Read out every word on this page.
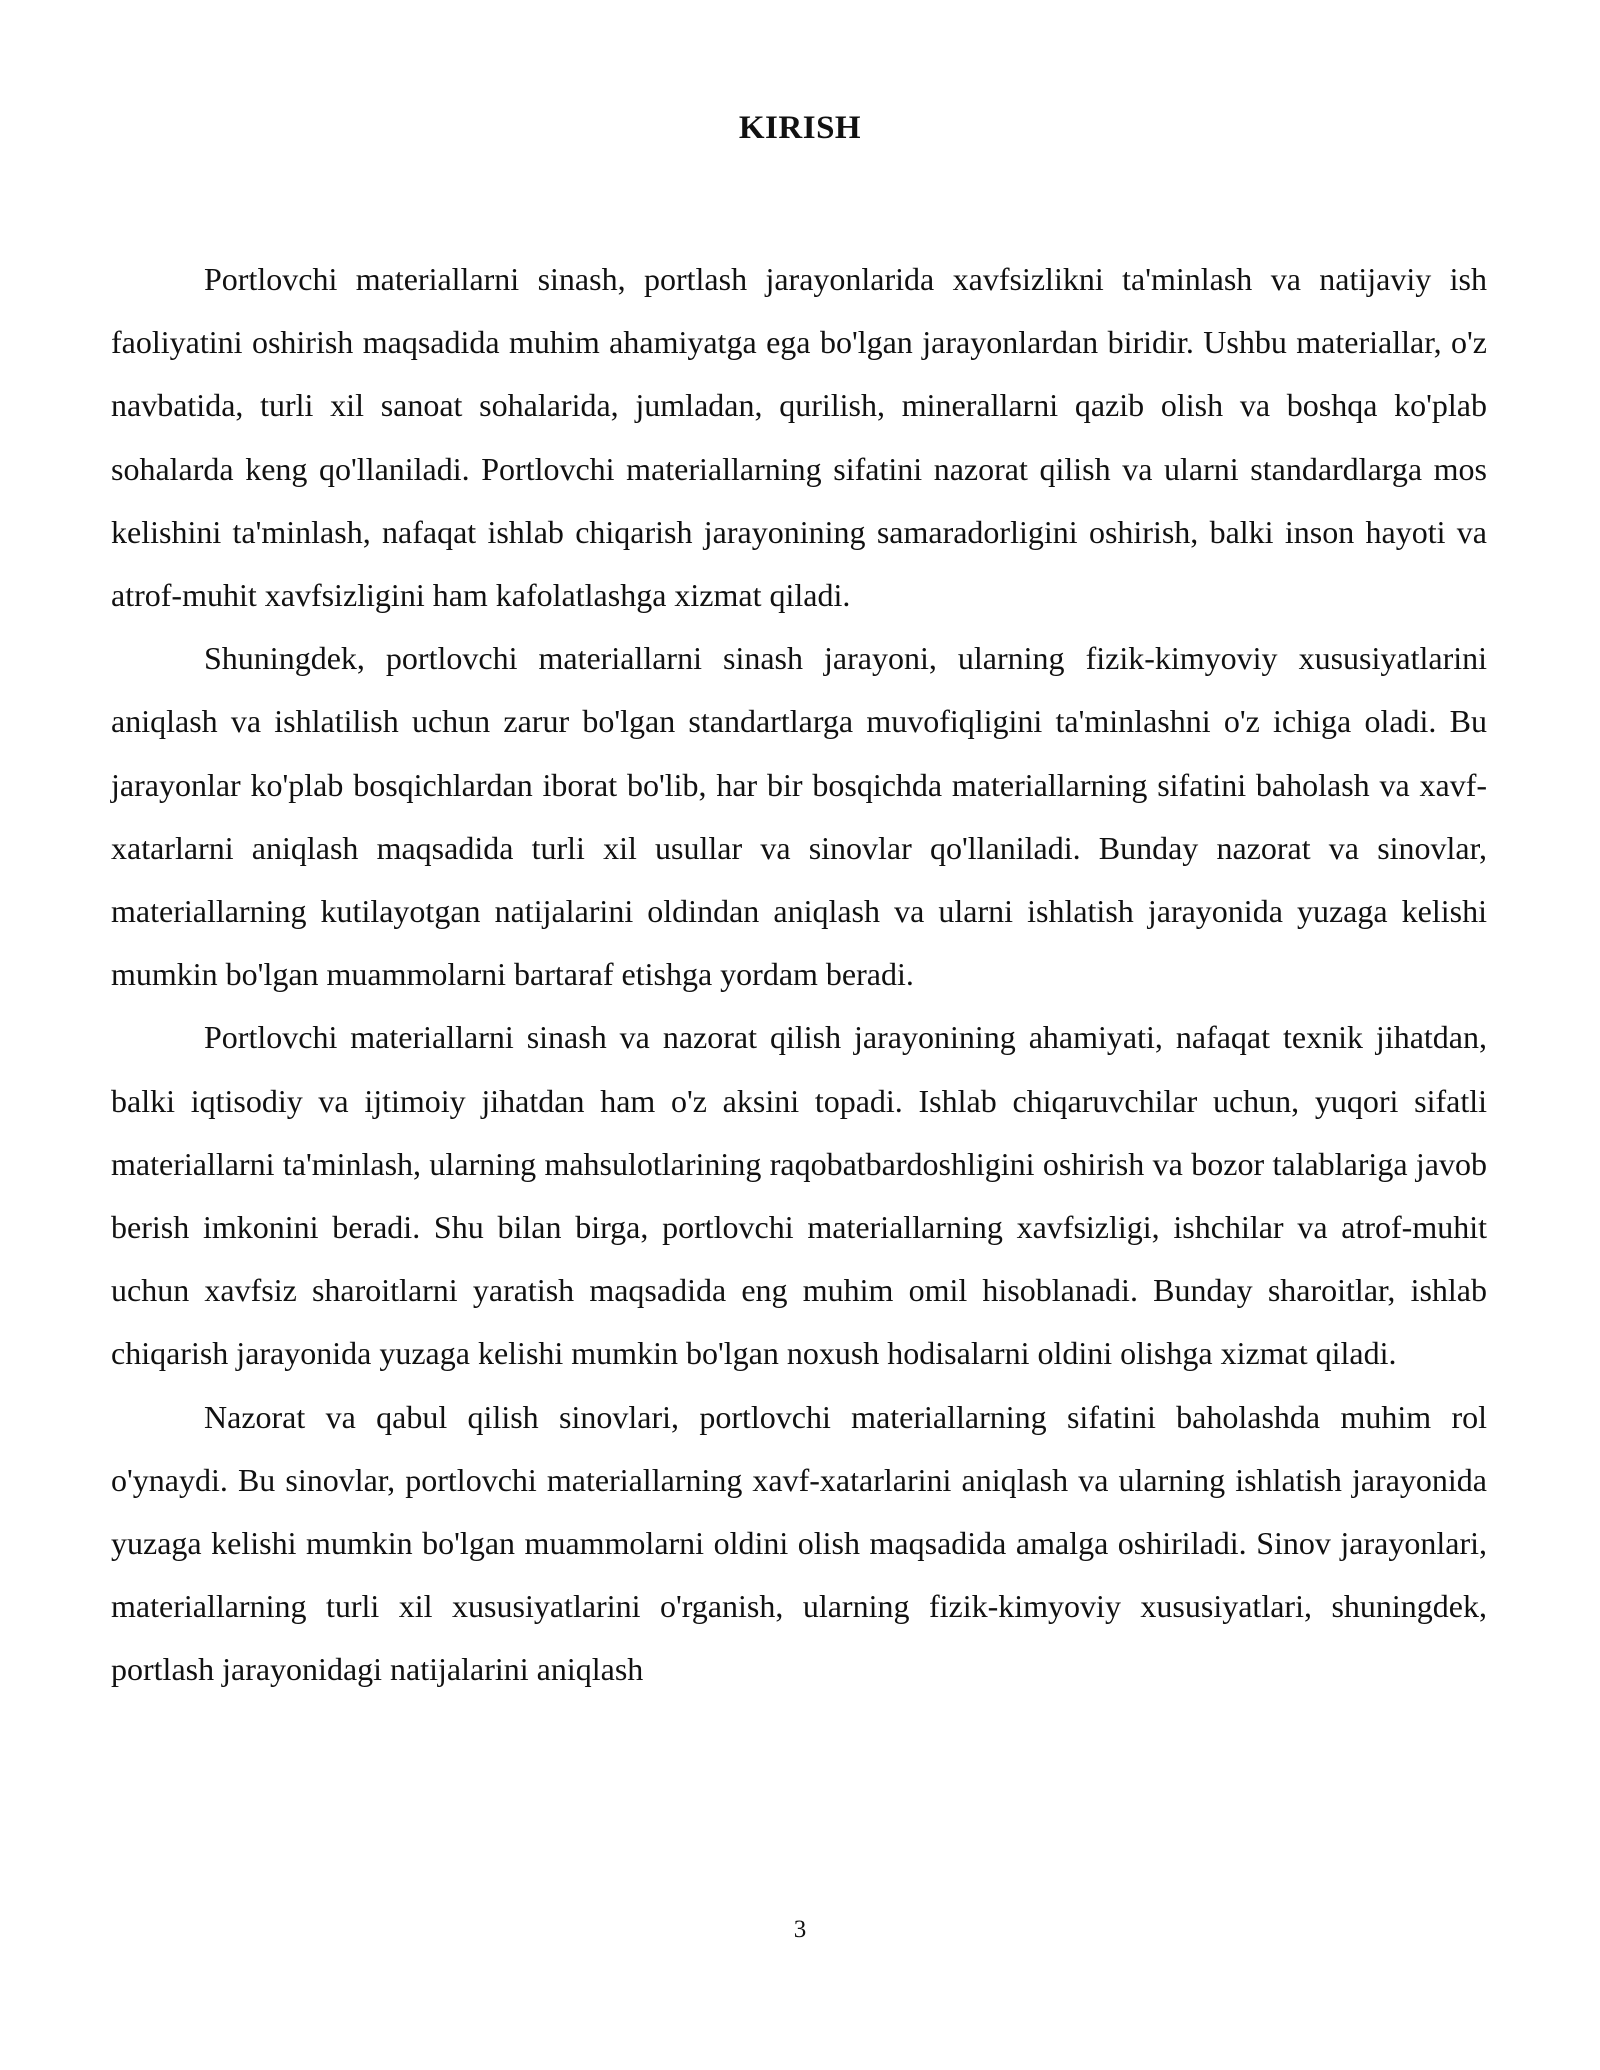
KIRISH

Portlovchi materiallarni sinash, portlash jarayonlarida xavfsizlikni ta'minlash va natijaviy ish faoliyatini oshirish maqsadida muhim ahamiyatga ega bo'lgan jarayonlardan biridir. Ushbu materiallar, o'z navbatida, turli xil sanoat sohalarida, jumladan, qurilish, minerallarni qazib olish va boshqa ko'plab sohalarda keng qo'llaniladi. Portlovchi materiallarning sifatini nazorat qilish va ularni standardlarga mos kelishini ta'minlash, nafaqat ishlab chiqarish jarayonining samaradorligini oshirish, balki inson hayoti va atrof-muhit xavfsizligini ham kafolatlashga xizmat qiladi.

Shuningdek, portlovchi materiallarni sinash jarayoni, ularning fizik-kimyoviy xususiyatlarini aniqlash va ishlatilish uchun zarur bo'lgan standartlarga muvofiqligini ta'minlashni o'z ichiga oladi. Bu jarayonlar ko'plab bosqichlardan iborat bo'lib, har bir bosqichda materiallarning sifatini baholash va xavf-xatarlarni aniqlash maqsadida turli xil usullar va sinovlar qo'llaniladi. Bunday nazorat va sinovlar, materiallarning kutilayotgan natijalarini oldindan aniqlash va ularni ishlatish jarayonida yuzaga kelishi mumkin bo'lgan muammolarni bartaraf etishga yordam beradi.

Portlovchi materiallarni sinash va nazorat qilish jarayonining ahamiyati, nafaqat texnik jihatdan, balki iqtisodiy va ijtimoiy jihatdan ham o'z aksini topadi. Ishlab chiqaruvchilar uchun, yuqori sifatli materiallarni ta'minlash, ularning mahsulotlarining raqobatbardoshligini oshirish va bozor talablariga javob berish imkonini beradi. Shu bilan birga, portlovchi materiallarning xavfsizligi, ishchilar va atrof-muhit uchun xavfsiz sharoitlarni yaratish maqsadida eng muhim omil hisoblanadi. Bunday sharoitlar, ishlab chiqarish jarayonida yuzaga kelishi mumkin bo'lgan noxush hodisalarni oldini olishga xizmat qiladi.

Nazorat va qabul qilish sinovlari, portlovchi materiallarning sifatini baholashda muhim rol o'ynaydi. Bu sinovlar, portlovchi materiallarning xavf-xatarlarini aniqlash va ularning ishlatish jarayonida yuzaga kelishi mumkin bo'lgan muammolarni oldini olish maqsadida amalga oshiriladi. Sinov jarayonlari, materiallarning turli xil xususiyatlarini o'rganish, ularning fizik-kimyoviy xususiyatlari, shuningdek, portlash jarayonidagi natijalarini aniqlash

3
